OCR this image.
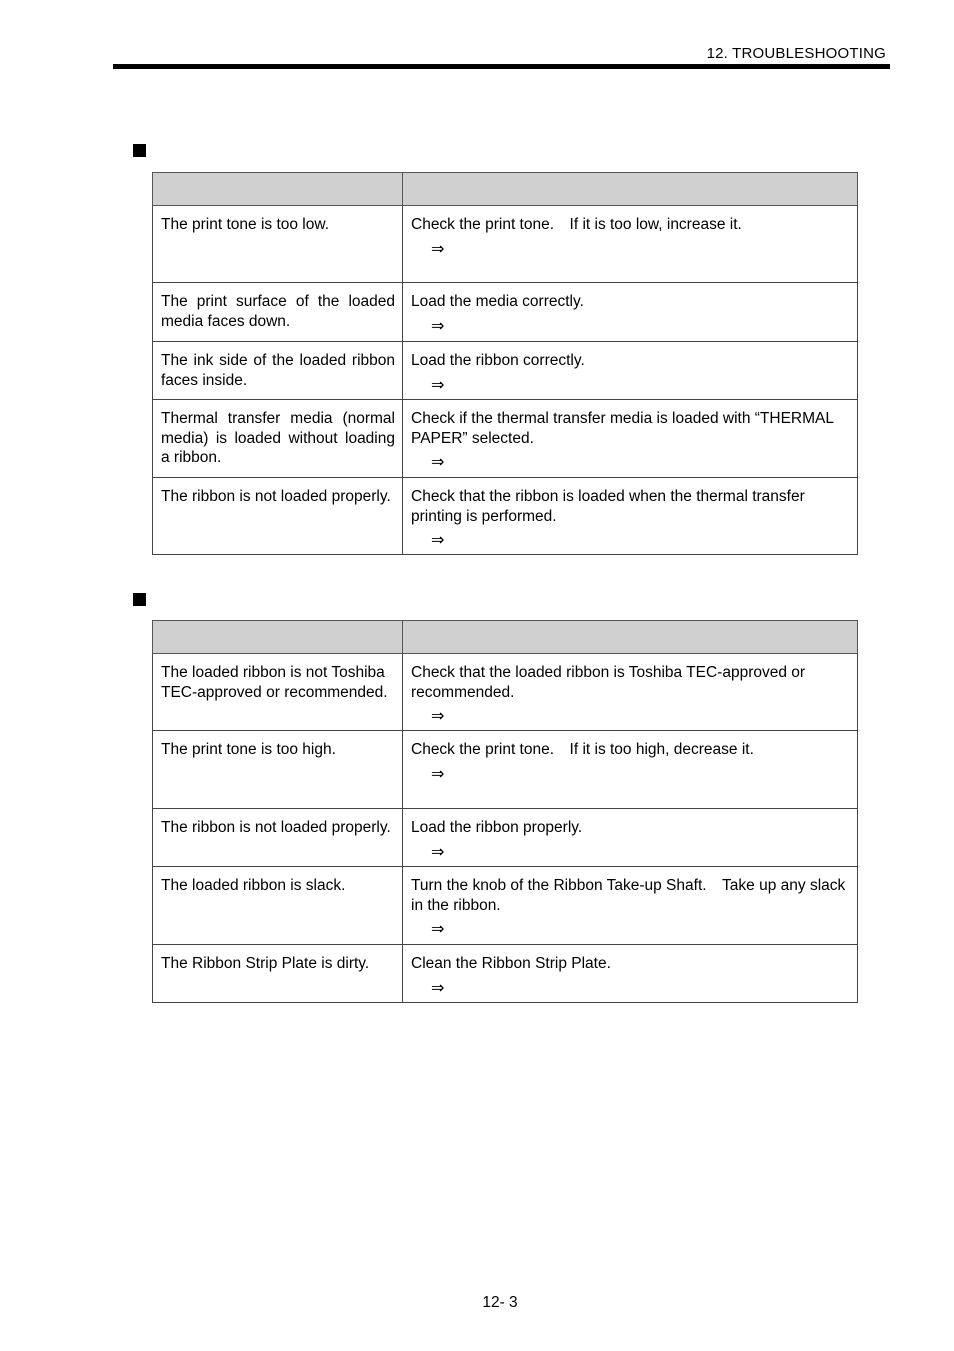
12. TROUBLESHOOTING

The print tone is too low.	Check the print tone.　If it is too low, increase it.
⇒

The print surface of the loaded media faces down.	Load the media correctly.
⇒

The ink side of the loaded ribbon faces inside.	Load the ribbon correctly.
⇒

Thermal transfer media (normal media) is loaded without loading a ribbon.	Check if the thermal transfer media is loaded with “THERMAL PAPER” selected.
⇒

The ribbon is not loaded properly.	Check that the ribbon is loaded when the thermal transfer printing is performed.
⇒

The loaded ribbon is not Toshiba TEC-approved or recommended.	Check that the loaded ribbon is Toshiba TEC-approved or recommended.
⇒

The print tone is too high.	Check the print tone.　If it is too high, decrease it.
⇒

The ribbon is not loaded properly.	Load the ribbon properly.
⇒

The loaded ribbon is slack.	Turn the knob of the Ribbon Take-up Shaft.　Take up any slack in the ribbon.
⇒

The Ribbon Strip Plate is dirty.	Clean the Ribbon Strip Plate.
⇒
12- 3
